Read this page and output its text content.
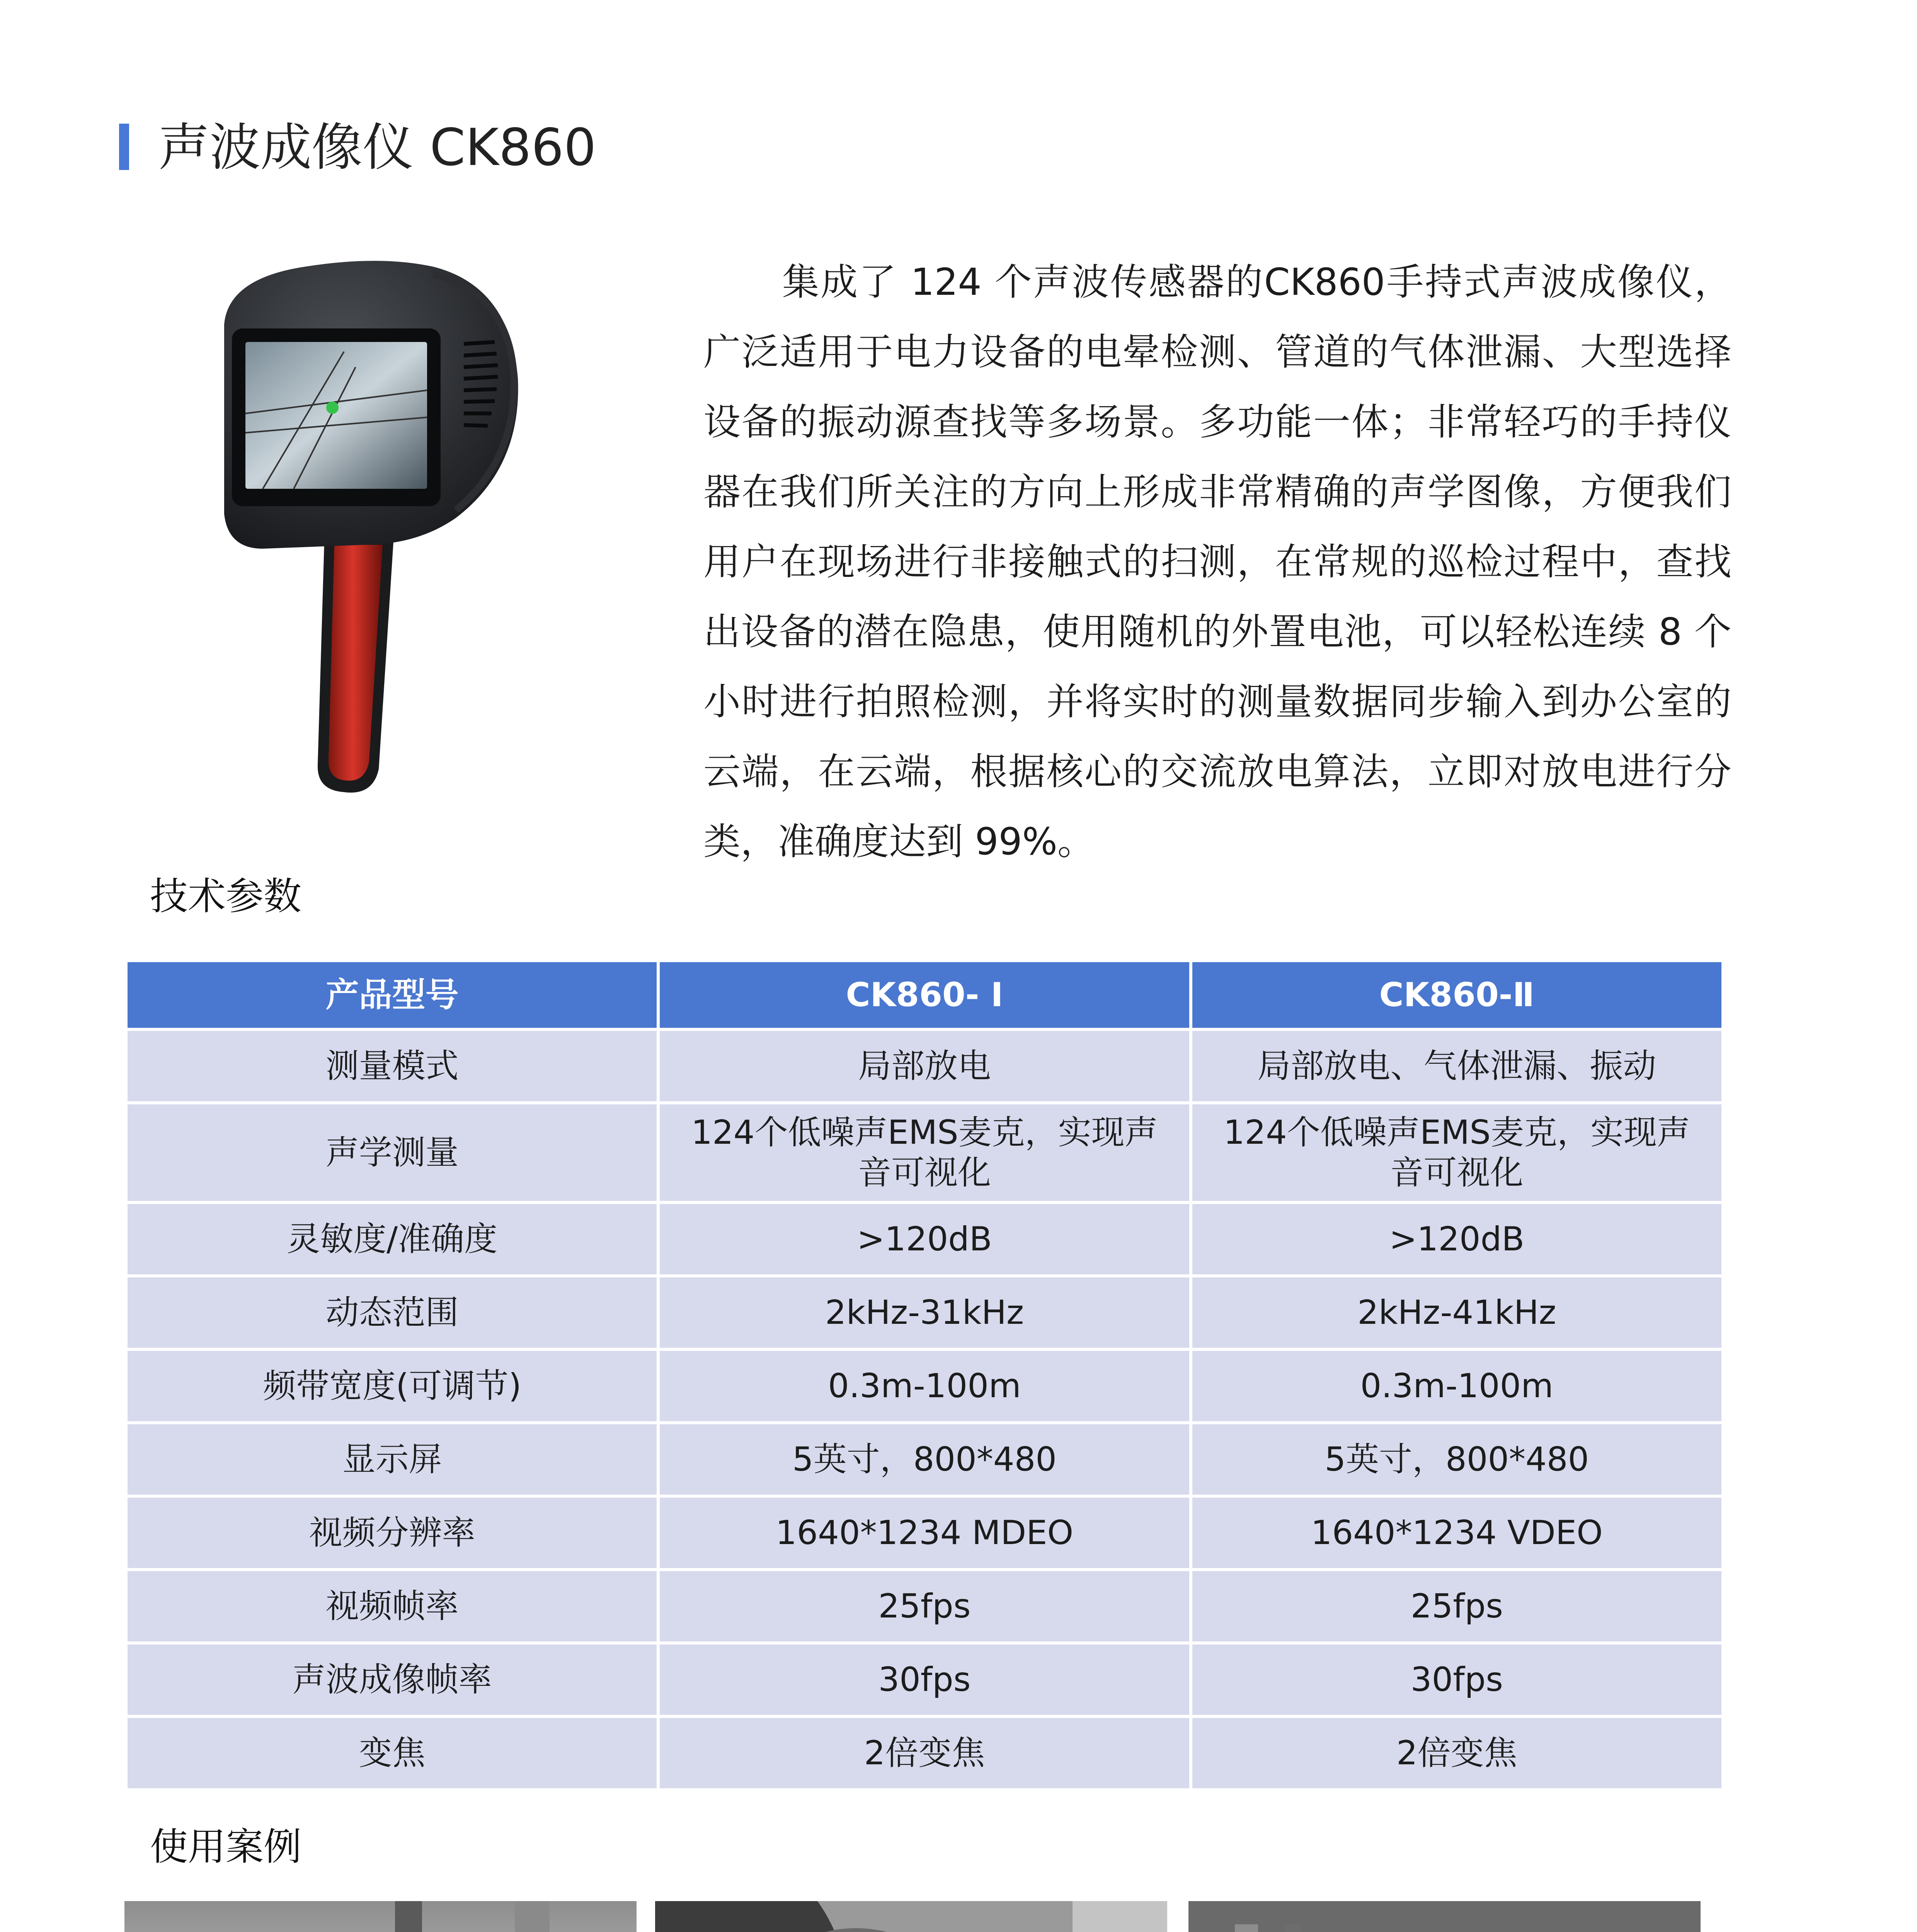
声波成像仪 CK860
集成了 124 个声波传感器的CK860手持式声波成像仪，广泛适用于电力设备的电晕检测、管道的气体泄漏、大型选择设备的振动源查找等多场景。多功能一体；非常轻巧的手持仪器在我们所关注的方向上形成非常精确的声学图像，方便我们用户在现场进行非接触式的扫测，在常规的巡检过程中，查找出设备的潜在隐患，使用随机的外置电池，可以轻松连续 8 个小时进行拍照检测，并将实时的测量数据同步输入到办公室的云端，在云端，根据核心的交流放电算法，立即对放电进行分类，准确度达到 99%。
技术参数
产品型号	CK860- Ⅰ	CK860-Ⅱ
测量模式	局部放电	局部放电、气体泄漏、振动
声学测量	124个低噪声EMS麦克，实现声音可视化	124个低噪声EMS麦克，实现声音可视化
灵敏度/准确度	>120dB	>120dB
动态范围	2kHz-31kHz	2kHz-41kHz
频带宽度(可调节)	0.3m-100m	0.3m-100m
显示屏	5英寸，800*480	5英寸，800*480
视频分辨率	1640*1234 MDEO	1640*1234 VDEO
视频帧率	25fps	25fps
声波成像帧率	30fps	30fps
变焦	2倍变焦	2倍变焦
使用案例
